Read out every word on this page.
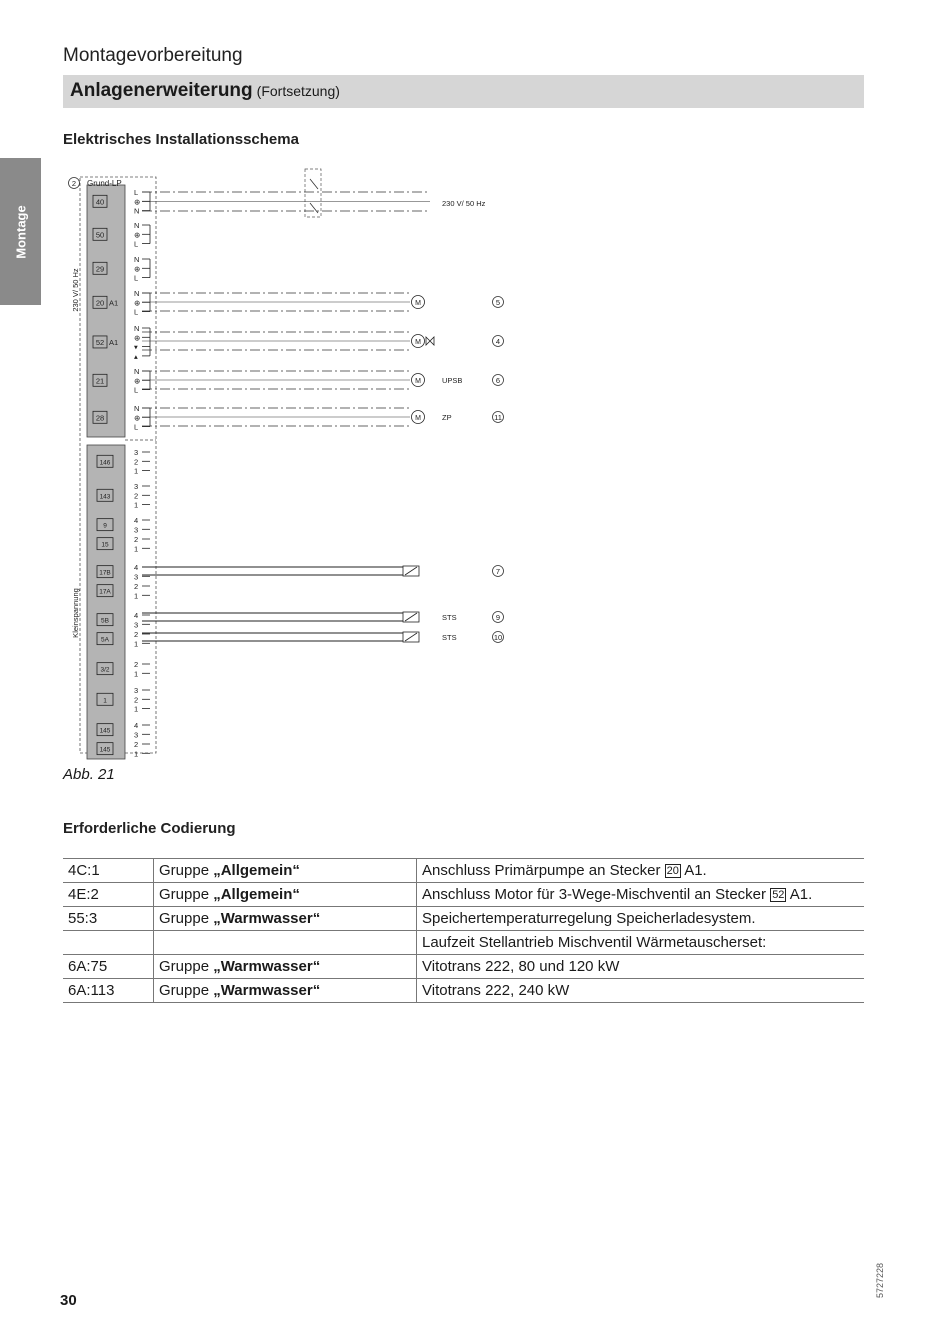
Montagevorbereitung
Anlagenerweiterung (Fortsetzung)
Montage
Elektrisches Installationsschema
2 Grund-LP
230 V/ 50 Hz
Kleinspannung
230 V/ 50 Hz
40
L
⊕
N
50
N
⊕
L
29
N
⊕
L
20 A1
N
⊕
L
52 A1
N
⊕
▾
▴
21
N
⊕
L
28
N
⊕
L
146
3
2
1
143
3
2
1
9
4
3
15
2
1
17B
4
3
17A
2
1
5B
4
3
5A
2
1
3/2
2
1
1
3
2
1
145
4
3
145
2
1
M	5
M	4
M	UPSB	6
M	ZP	11
7
STS	9
STS	10
Abb. 21
Erforderliche Codierung
4C:1	Gruppe „Allgemein“	Anschluss Primärpumpe an Stecker 20 A1.
4E:2	Gruppe „Allgemein“	Anschluss Motor für 3-Wege-Mischventil an Stecker 52 A1.
55:3	Gruppe „Warmwasser“	Speichertemperaturregelung Speicherladesystem.
		Laufzeit Stellantrieb Mischventil Wärmetauscherset:
6A:75	Gruppe „Warmwasser“	Vitotrans 222, 80 und 120 kW
6A:113	Gruppe „Warmwasser“	Vitotrans 222, 240 kW
5727228
30
